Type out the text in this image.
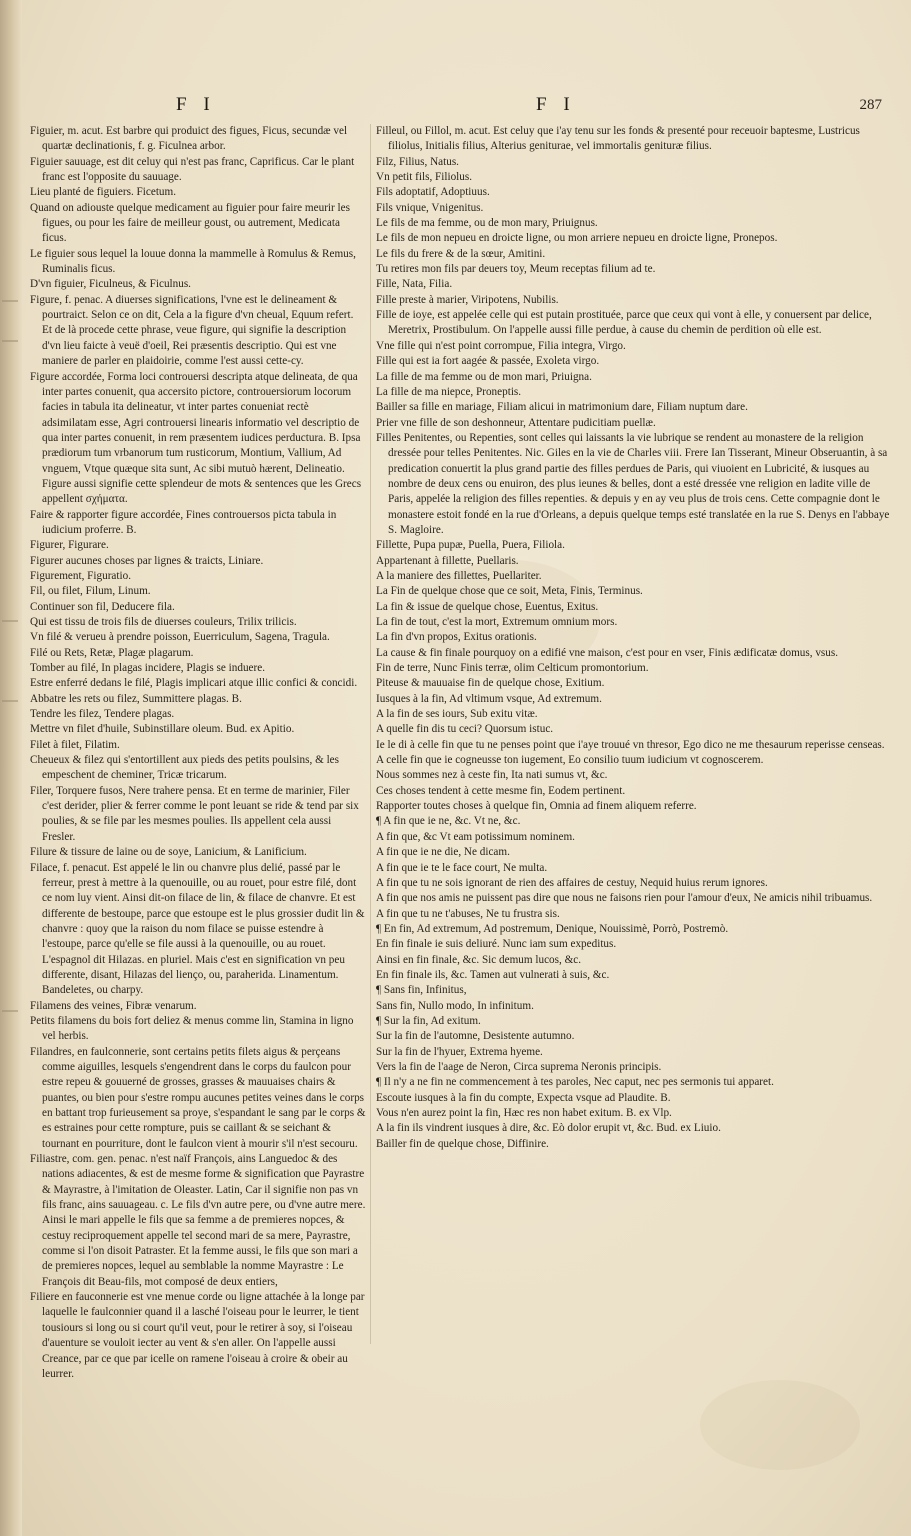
F I	F I	287

Figuier, m. acut. Est barbre qui produict des figues, Ficus, secundæ vel quartæ declinationis, f. g. Ficulnea arbor.

Figuier sauuage, est dit celuy qui n'est pas franc, Caprificus. Car le plant franc est l'opposite du sauuage.

Lieu planté de figuiers. Ficetum.

Quand on adiouste quelque medicament au figuier pour faire meurir les figues, ou pour les faire de meilleur goust, ou autrement, Medicata ficus.

Le figuier sous lequel la louue donna la mammelle à Romulus & Remus, Ruminalis ficus.

D'vn figuier, Ficulneus, & Ficulnus.

Figure, f. penac. A diuerses significations, l'vne est le delineament & pourtraict. Selon ce on dit, Cela a la figure d'vn cheual, Equum refert. Et de là procede cette phrase, veue figure, qui signifie la description d'vn lieu faicte à veuë d'oeil, Rei præsentis descriptio. Qui est vne maniere de parler en plaidoirie, comme l'est aussi cette-cy.

Figure accordée, Forma loci controuersi descripta atque delineata, de qua inter partes conuenit, qua accersito pictore, controuersiorum locorum facies in tabula ita delineatur, vt inter partes conueniat rectè adsimilatam esse, Agri controuersi linearis informatio vel descriptio de qua inter partes conuenit, in rem præsentem iudices perductura. B. Ipsa prædiorum tum vrbanorum tum rusticorum, Montium, Vallium, Ad vnguem, Vtque quæque sita sunt, Ac sibi mutuò hærent, Delineatio. Figure aussi signifie cette splendeur de mots & sentences que les Grecs appellent σχήματα.

Faire & rapporter figure accordée, Fines controuersos picta tabula in iudicium proferre. B.

Figurer, Figurare.

Figurer aucunes choses par lignes & traicts, Liniare.

Figurement, Figuratio.

Fil, ou filet, Filum, Linum.

Continuer son fil, Deducere fila.

Qui est tissu de trois fils de diuerses couleurs, Trilix trilicis.

Vn filé & verueu à prendre poisson, Euerriculum, Sagena, Tragula.

Filé ou Rets, Retæ, Plagæ plagarum.

Tomber au filé, In plagas incidere, Plagis se induere.

Estre enferré dedans le filé, Plagis implicari atque illic confici & concidi.

Abbatre les rets ou filez, Summittere plagas. B.

Tendre les filez, Tendere plagas.

Mettre vn filet d'huile, Subinstillare oleum. Bud. ex Apitio.

Filet à filet, Filatim.

Cheueux & filez qui s'entortillent aux pieds des petits poulsins, & les empeschent de cheminer, Tricæ tricarum.

Filer, Torquere fusos, Nere trahere pensa. Et en terme de marinier, Filer c'est derider, plier & ferrer comme le pont leuant se ride & tend par six poulies, & se file par les mesmes poulies. Ils appellent cela aussi Fresler.

Filure & tissure de laine ou de soye, Lanicium, & Lanificium.

Filace, f. penacut. Est appelé le lin ou chanvre plus delié, passé par le ferreur, prest à mettre à la quenouille, ou au rouet, pour estre filé, dont ce nom luy vient. Ainsi dit-on filace de lin, & filace de chanvre. Et est differente de bestoupe, parce que estoupe est le plus grossier dudit lin & chanvre : quoy que la raison du nom filace se puisse estendre à l'estoupe, parce qu'elle se file aussi à la quenouille, ou au rouet. L'espagnol dit Hilazas. en pluriel. Mais c'est en signification vn peu differente, disant, Hilazas del lienço, ou, paraherida. Linamentum. Bandeletes, ou charpy.

Filamens des veines, Fibræ venarum.

Petits filamens du bois fort deliez & menus comme lin, Stamina in ligno vel herbis.

Filandres, en faulconnerie, sont certains petits filets aigus & perçeans comme aiguilles, lesquels s'engendrent dans le corps du faulcon pour estre repeu & gouuerné de grosses, grasses & mauuaises chairs & puantes, ou bien pour s'estre rompu aucunes petites veines dans le corps en battant trop furieusement sa proye, s'espandant le sang par le corps & es estraines pour cette rompture, puis se caillant & se seichant & tournant en pourriture, dont le faulcon vient à mourir s'il n'est secouru.

Filiastre, com. gen. penac. n'est naïf François, ains Languedoc & des nations adiacentes, & est de mesme forme & signification que Payrastre & Mayrastre, à l'imitation de Oleaster. Latin, Car il signifie non pas vn fils franc, ains sauuageau. c. Le fils d'vn autre pere, ou d'vne autre mere. Ainsi le mari appelle le fils que sa femme a de premieres nopces, & cestuy reciproquement appelle tel second mari de sa mere, Payrastre, comme si l'on disoit Patraster. Et la femme aussi, le fils que son mari a de premieres nopces, lequel au semblable la nomme Mayrastre : Le François dit Beau-fils, mot composé de deux entiers,

Filiere en fauconnerie est vne menue corde ou ligne attachée à la longe par laquelle le faulconnier quand il a lasché l'oiseau pour le leurrer, le tient tousiours si long ou si court qu'il veut, pour le retirer à soy, si l'oiseau d'auenture se vouloit iecter au vent & s'en aller. On l'appelle aussi Creance, par ce que par icelle on ramene l'oiseau à croire & obeir au leurrer.

Filleul, ou Fillol, m. acut. Est celuy que i'ay tenu sur les fonds & presenté pour receuoir baptesme, Lustricus filiolus, Initialis filius, Alterius geniturae, vel immortalis genituræ filius.

Filz, Filius, Natus.

Vn petit fils, Filiolus.

Fils adoptatif, Adoptiuus.

Fils vnique, Vnigenitus.

Le fils de ma femme, ou de mon mary, Priuignus.

Le fils de mon nepueu en droicte ligne, ou mon arriere nepueu en droicte ligne, Pronepos.

Le fils du frere & de la sœur, Amitini.

Tu retires mon fils par deuers toy, Meum receptas filium ad te.

Fille, Nata, Filia.

Fille preste à marier, Viripotens, Nubilis.

Fille de ioye, est appelée celle qui est putain prostituée, parce que ceux qui vont à elle, y conuersent par delice, Meretrix, Prostibulum. On l'appelle aussi fille perdue, à cause du chemin de perdition où elle est.

Vne fille qui n'est point corrompue, Filia integra, Virgo.

Fille qui est ia fort aagée & passée, Exoleta virgo.

La fille de ma femme ou de mon mari, Priuigna.

La fille de ma niepce, Proneptis.

Bailler sa fille en mariage, Filiam alicui in matrimonium dare, Filiam nuptum dare.

Prier vne fille de son deshonneur, Attentare pudicitiam puellæ.

Filles Penitentes, ou Repenties, sont celles qui laissants la vie lubrique se rendent au monastere de la religion dressée pour telles Penitentes. Nic. Giles en la vie de Charles viii. Frere Ian Tisserant, Mineur Obseruantin, à sa predication conuertit la plus grand partie des filles perdues de Paris, qui viuoient en Lubricité, & iusques au nombre de deux cens ou enuiron, des plus ieunes & belles, dont a esté dressée vne religion en ladite ville de Paris, appelée la religion des filles repenties. & depuis y en ay veu plus de trois cens. Cette compagnie dont le monastere estoit fondé en la rue d'Orleans, a depuis quelque temps esté translatée en la rue S. Denys en l'abbaye S. Magloire.

Fillette, Pupa pupæ, Puella, Puera, Filiola.

Appartenant à fillette, Puellaris.

A la maniere des fillettes, Puellariter.

La Fin de quelque chose que ce soit, Meta, Finis, Terminus.

La fin & issue de quelque chose, Euentus, Exitus.

La fin de tout, c'est la mort, Extremum omnium mors.

La fin d'vn propos, Exitus orationis.

La cause & fin finale pourquoy on a edifié vne maison, c'est pour en vser, Finis ædificatæ domus, vsus.

Fin de terre, Nunc Finis terræ, olim Celticum promontorium.

Piteuse & mauuaise fin de quelque chose, Exitium.

Iusques à la fin, Ad vltimum vsque, Ad extremum.

A la fin de ses iours, Sub exitu vitæ.

A quelle fin dis tu ceci? Quorsum istuc.

Ie le di à celle fin que tu ne penses point que i'aye trouué vn thresor, Ego dico ne me thesaurum reperisse censeas.

A celle fin que ie cogneusse ton iugement, Eo consilio tuum iudicium vt cognoscerem.

Nous sommes nez à ceste fin, Ita nati sumus vt, &c.

Ces choses tendent à cette mesme fin, Eodem pertinent.

Rapporter toutes choses à quelque fin, Omnia ad finem aliquem referre.

¶ A fin que ie ne, &c. Vt ne, &c.

A fin que, &c Vt eam potissimum nominem.

A fin que ie ne die, Ne dicam.

A fin que ie te le face court, Ne multa.

A fin que tu ne sois ignorant de rien des affaires de cestuy, Nequid huius rerum ignores.

A fin que nos amis ne puissent pas dire que nous ne faisons rien pour l'amour d'eux, Ne amicis nihil tribuamus.

A fin que tu ne t'abuses, Ne tu frustra sis.

¶ En fin, Ad extremum, Ad postremum, Denique, Nouissimè, Porrò, Postremò.

En fin finale ie suis deliuré. Nunc iam sum expeditus.

Ainsi en fin finale, &c. Sic demum lucos, &c.

En fin finale ils, &c. Tamen aut vulnerati à suis, &c.

¶ Sans fin, Infinitus,

Sans fin, Nullo modo, In infinitum.

¶ Sur la fin, Ad exitum.

Sur la fin de l'automne, Desistente autumno.

Sur la fin de l'hyuer, Extrema hyeme.

Vers la fin de l'aage de Neron, Circa suprema Neronis principis.

¶ Il n'y a ne fin ne commencement à tes paroles, Nec caput, nec pes sermonis tui apparet.

Escoute iusques à la fin du compte, Expecta vsque ad Plaudite. B.

Vous n'en aurez point la fin, Hæc res non habet exitum. B. ex Vlp.

A la fin ils vindrent iusques à dire, &c. Eò dolor erupit vt, &c. Bud. ex Liuio.

Bailler fin de quelque chose, Diffinire.
